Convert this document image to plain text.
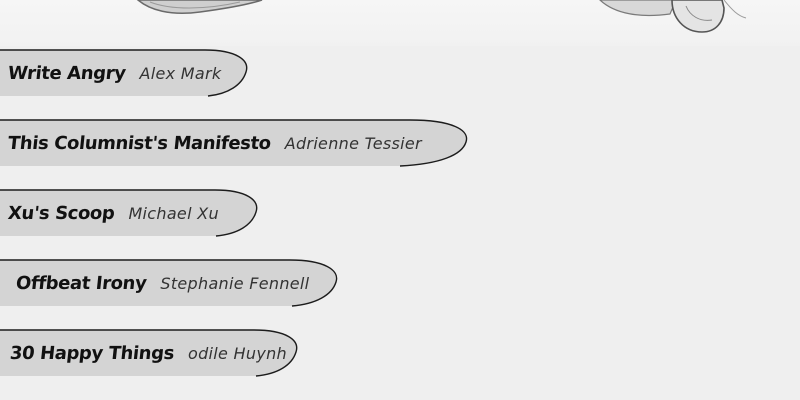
Write Angry Alex Mark
This Columnist's Manifesto Adrienne Tessier
Xu's Scoop Michael Xu
Offbeat Irony Stephanie Fennell
30 Happy Things odile Huynh
